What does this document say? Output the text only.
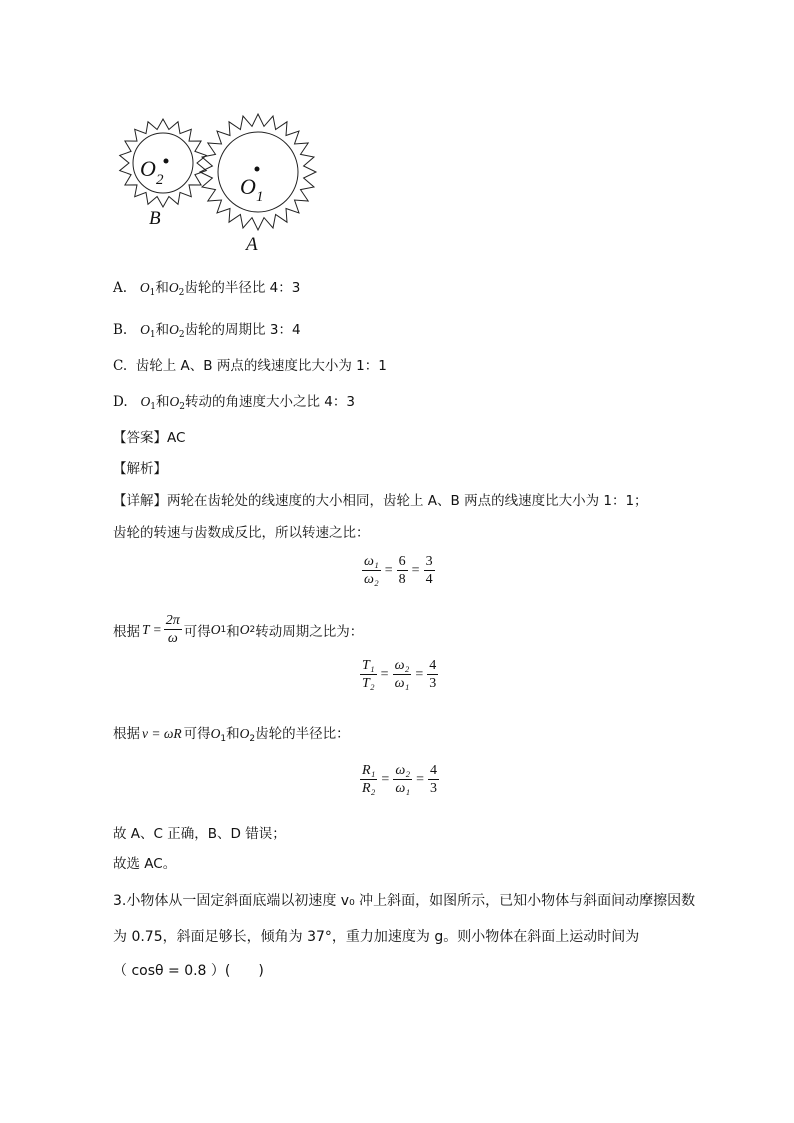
O 2	O 1
B
A
A. $O_1$和$O_2$齿轮的半径比 4：3
B. $O_1$和$O_2$齿轮的周期比 3：4
C. 齿轮上 A、B 两点的线速度比大小为 1：1
D. $O_1$和$O_2$转动的角速度大小之比 4：3
【答案】AC
【解析】
【详解】两轮在齿轮处的线速度的大小相同，齿轮上 A、B 两点的线速度比大小为 1：1；
齿轮的转速与齿数成反比，所以转速之比：
$\frac{\text{ω₁}}{\text{ω₂}} = \frac{6}{8} = \frac{3}{4}$
根据 $T = \frac{2\pi}{\omega}$ 可得 O 1 和 O 2 转动周期之比为：
$\frac{\text{T₁}}{\text{T₂}} = \frac{\text{ω₂}}{\text{ω₁}} = \frac{4}{3}$
根据 v = ωR 可得$O_1$和$O_2$齿轮的半径比：
$\frac{\text{R₁}}{\text{R₂}} = \frac{\text{ω₂}}{\text{ω₁}} = \frac{4}{3}$
故 A、C 正确，B、D 错误；
故选 AC。
3.小物体从一固定斜面底端以初速度 v₀ 冲上斜面，如图所示，已知小物体与斜面间动摩擦因数
为 0.75，斜面足够长，倾角为 37°，重力加速度为 g。则小物体在斜面上运动时间为
（ cosθ = 0.8 ）(　　)
